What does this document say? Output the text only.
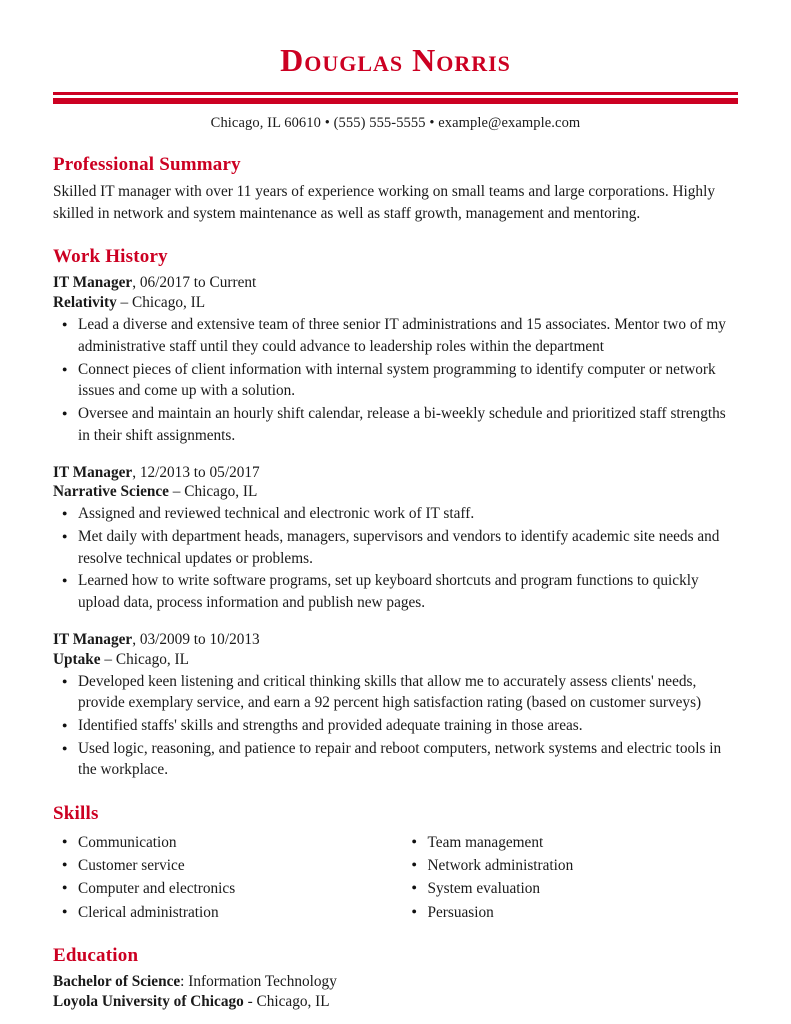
Douglas Norris
Chicago, IL 60610 • (555) 555-5555 • example@example.com
Professional Summary

Skilled IT manager with over 11 years of experience working on small teams and large corporations. Highly skilled in network and system maintenance as well as staff growth, management and mentoring.

Work History
IT Manager, 06/2017 to Current
Relativity – Chicago, IL
● Lead a diverse and extensive team of three senior IT administrations and 15 associates. Mentor two of my administrative staff until they could advance to leadership roles within the department
● Connect pieces of client information with internal system programming to identify computer or network issues and come up with a solution.
● Oversee and maintain an hourly shift calendar, release a bi-weekly schedule and prioritized staff strengths in their shift assignments.
IT Manager, 12/2013 to 05/2017
Narrative Science – Chicago, IL
● Assigned and reviewed technical and electronic work of IT staff.
● Met daily with department heads, managers, supervisors and vendors to identify academic site needs and resolve technical updates or problems.
● Learned how to write software programs, set up keyboard shortcuts and program functions to quickly upload data, process information and publish new pages.
IT Manager, 03/2009 to 10/2013
Uptake – Chicago, IL
● Developed keen listening and critical thinking skills that allow me to accurately assess clients' needs, provide exemplary service, and earn a 92 percent high satisfaction rating (based on customer surveys)
● Identified staffs' skills and strengths and provided adequate training in those areas.
● Used logic, reasoning, and patience to repair and reboot computers, network systems and electric tools in the workplace.
Skills
● Communication
● Customer service
● Computer and electronics
● Clerical administration
● Team management
● Network administration
● System evaluation
● Persuasion
Education
Bachelor of Science: Information Technology
Loyola University of Chicago - Chicago, IL
